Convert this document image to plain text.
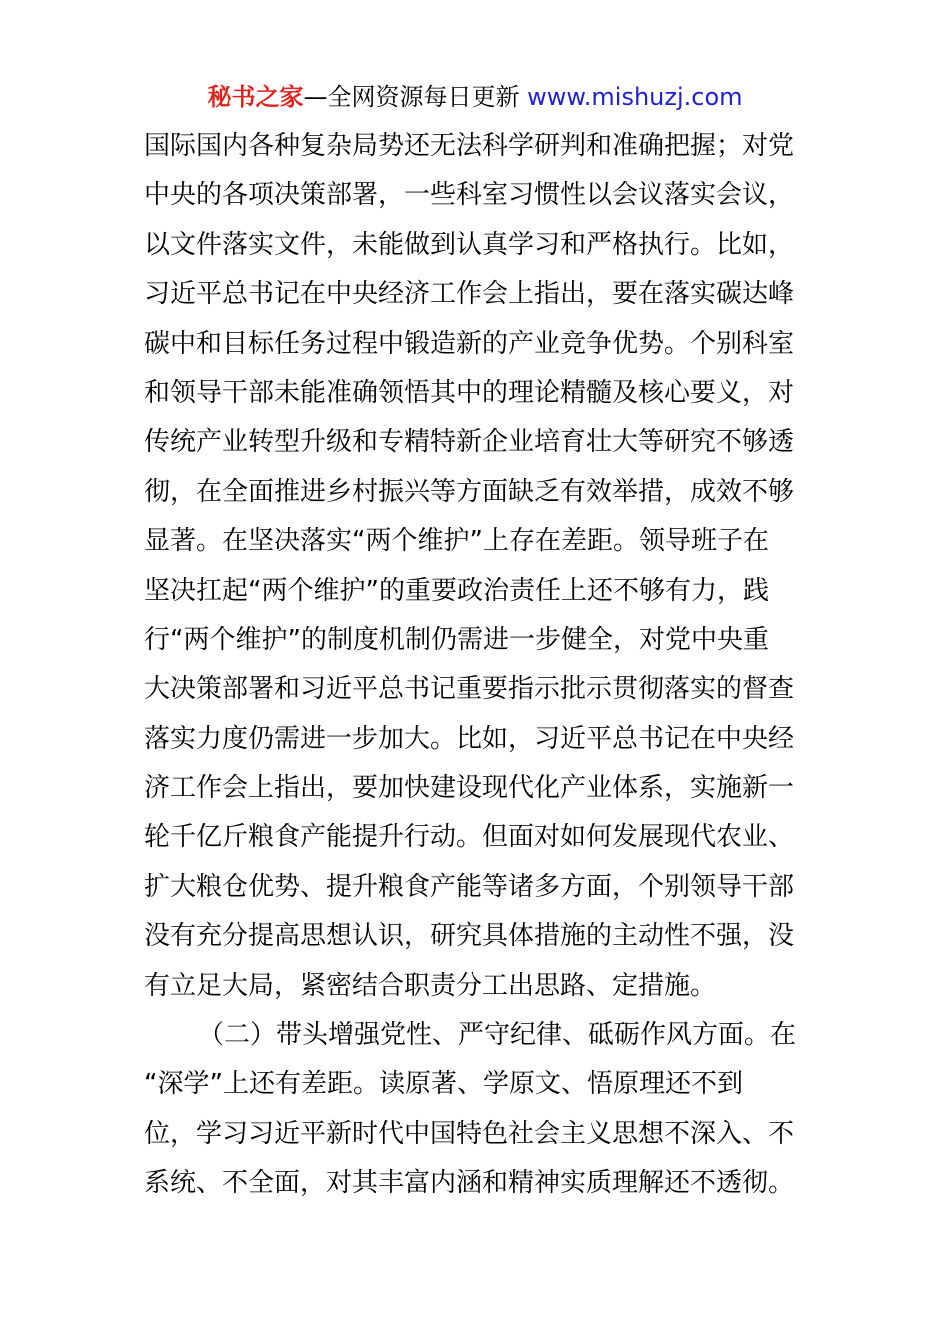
秘书之家—全网资源每日更新 www.mishuzj.com
国际国内各种复杂局势还无法科学研判和准确把握；对党
中央的各项决策部署，一些科室习惯性以会议落实会议，
以文件落实文件，未能做到认真学习和严格执行。比如，
习近平总书记在中央经济工作会上指出，要在落实碳达峰
碳中和目标任务过程中锻造新的产业竞争优势。个别科室
和领导干部未能准确领悟其中的理论精髓及核心要义，对
传统产业转型升级和专精特新企业培育壮大等研究不够透
彻，在全面推进乡村振兴等方面缺乏有效举措，成效不够
显著。在坚决落实“两个维护”上存在差距。领导班子在
坚决扛起“两个维护”的重要政治责任上还不够有力，践
行“两个维护”的制度机制仍需进一步健全，对党中央重
大决策部署和习近平总书记重要指示批示贯彻落实的督查
落实力度仍需进一步加大。比如，习近平总书记在中央经
济工作会上指出，要加快建设现代化产业体系，实施新一
轮千亿斤粮食产能提升行动。但面对如何发展现代农业、
扩大粮仓优势、提升粮食产能等诸多方面，个别领导干部
没有充分提高思想认识，研究具体措施的主动性不强，没
有立足大局，紧密结合职责分工出思路、定措施。
（二）带头增强党性、严守纪律、砥砺作风方面。在
“深学”上还有差距。读原著、学原文、悟原理还不到
位，学习习近平新时代中国特色社会主义思想不深入、不
系统、不全面，对其丰富内涵和精神实质理解还不透彻。
